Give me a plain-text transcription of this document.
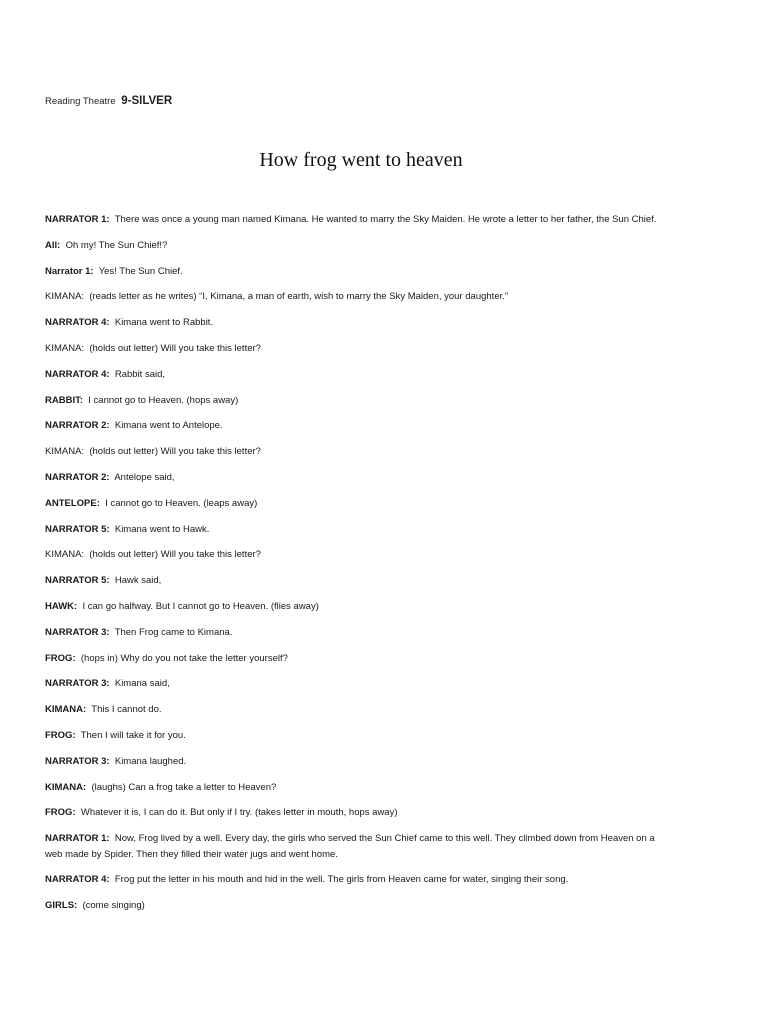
Reading Theatre 9-SILVER
How frog went to heaven

NARRATOR 1: There was once a young man named Kimana. He wanted to marry the Sky Maiden. He wrote a letter to her father, the Sun Chief.

All: Oh my! The Sun Chief!?

Narrator 1: Yes! The Sun Chief.

KIMANA: (reads letter as he writes) “I, Kimana, a man of earth, wish to marry the Sky Maiden, your daughter.”

NARRATOR 4: Kimana went to Rabbit.

KIMANA: (holds out letter) Will you take this letter?

NARRATOR 4: Rabbit said,

RABBIT: I cannot go to Heaven. (hops away)

NARRATOR 2: Kimana went to Antelope.

KIMANA: (holds out letter) Will you take this letter?

NARRATOR 2: Antelope said,

ANTELOPE: I cannot go to Heaven. (leaps away)

NARRATOR 5: Kimana went to Hawk.

KIMANA: (holds out letter) Will you take this letter?

NARRATOR 5: Hawk said,

HAWK: I can go halfway. But I cannot go to Heaven. (flies away)

NARRATOR 3: Then Frog came to Kimana.

FROG: (hops in) Why do you not take the letter yourself?

NARRATOR 3: Kimana said,

KIMANA: This I cannot do.

FROG: Then I will take it for you.

NARRATOR 3: Kimana laughed.

KIMANA: (laughs) Can a frog take a letter to Heaven?

FROG: Whatever it is, I can do it. But only if I try. (takes letter in mouth, hops away)

NARRATOR 1: Now, Frog lived by a well. Every day, the girls who served the Sun Chief came to this well. They climbed down from Heaven on a web made by Spider. Then they filled their water jugs and went home.

NARRATOR 4: Frog put the letter in his mouth and hid in the well. The girls from Heaven came for water, singing their song.

GIRLS: (come singing)
